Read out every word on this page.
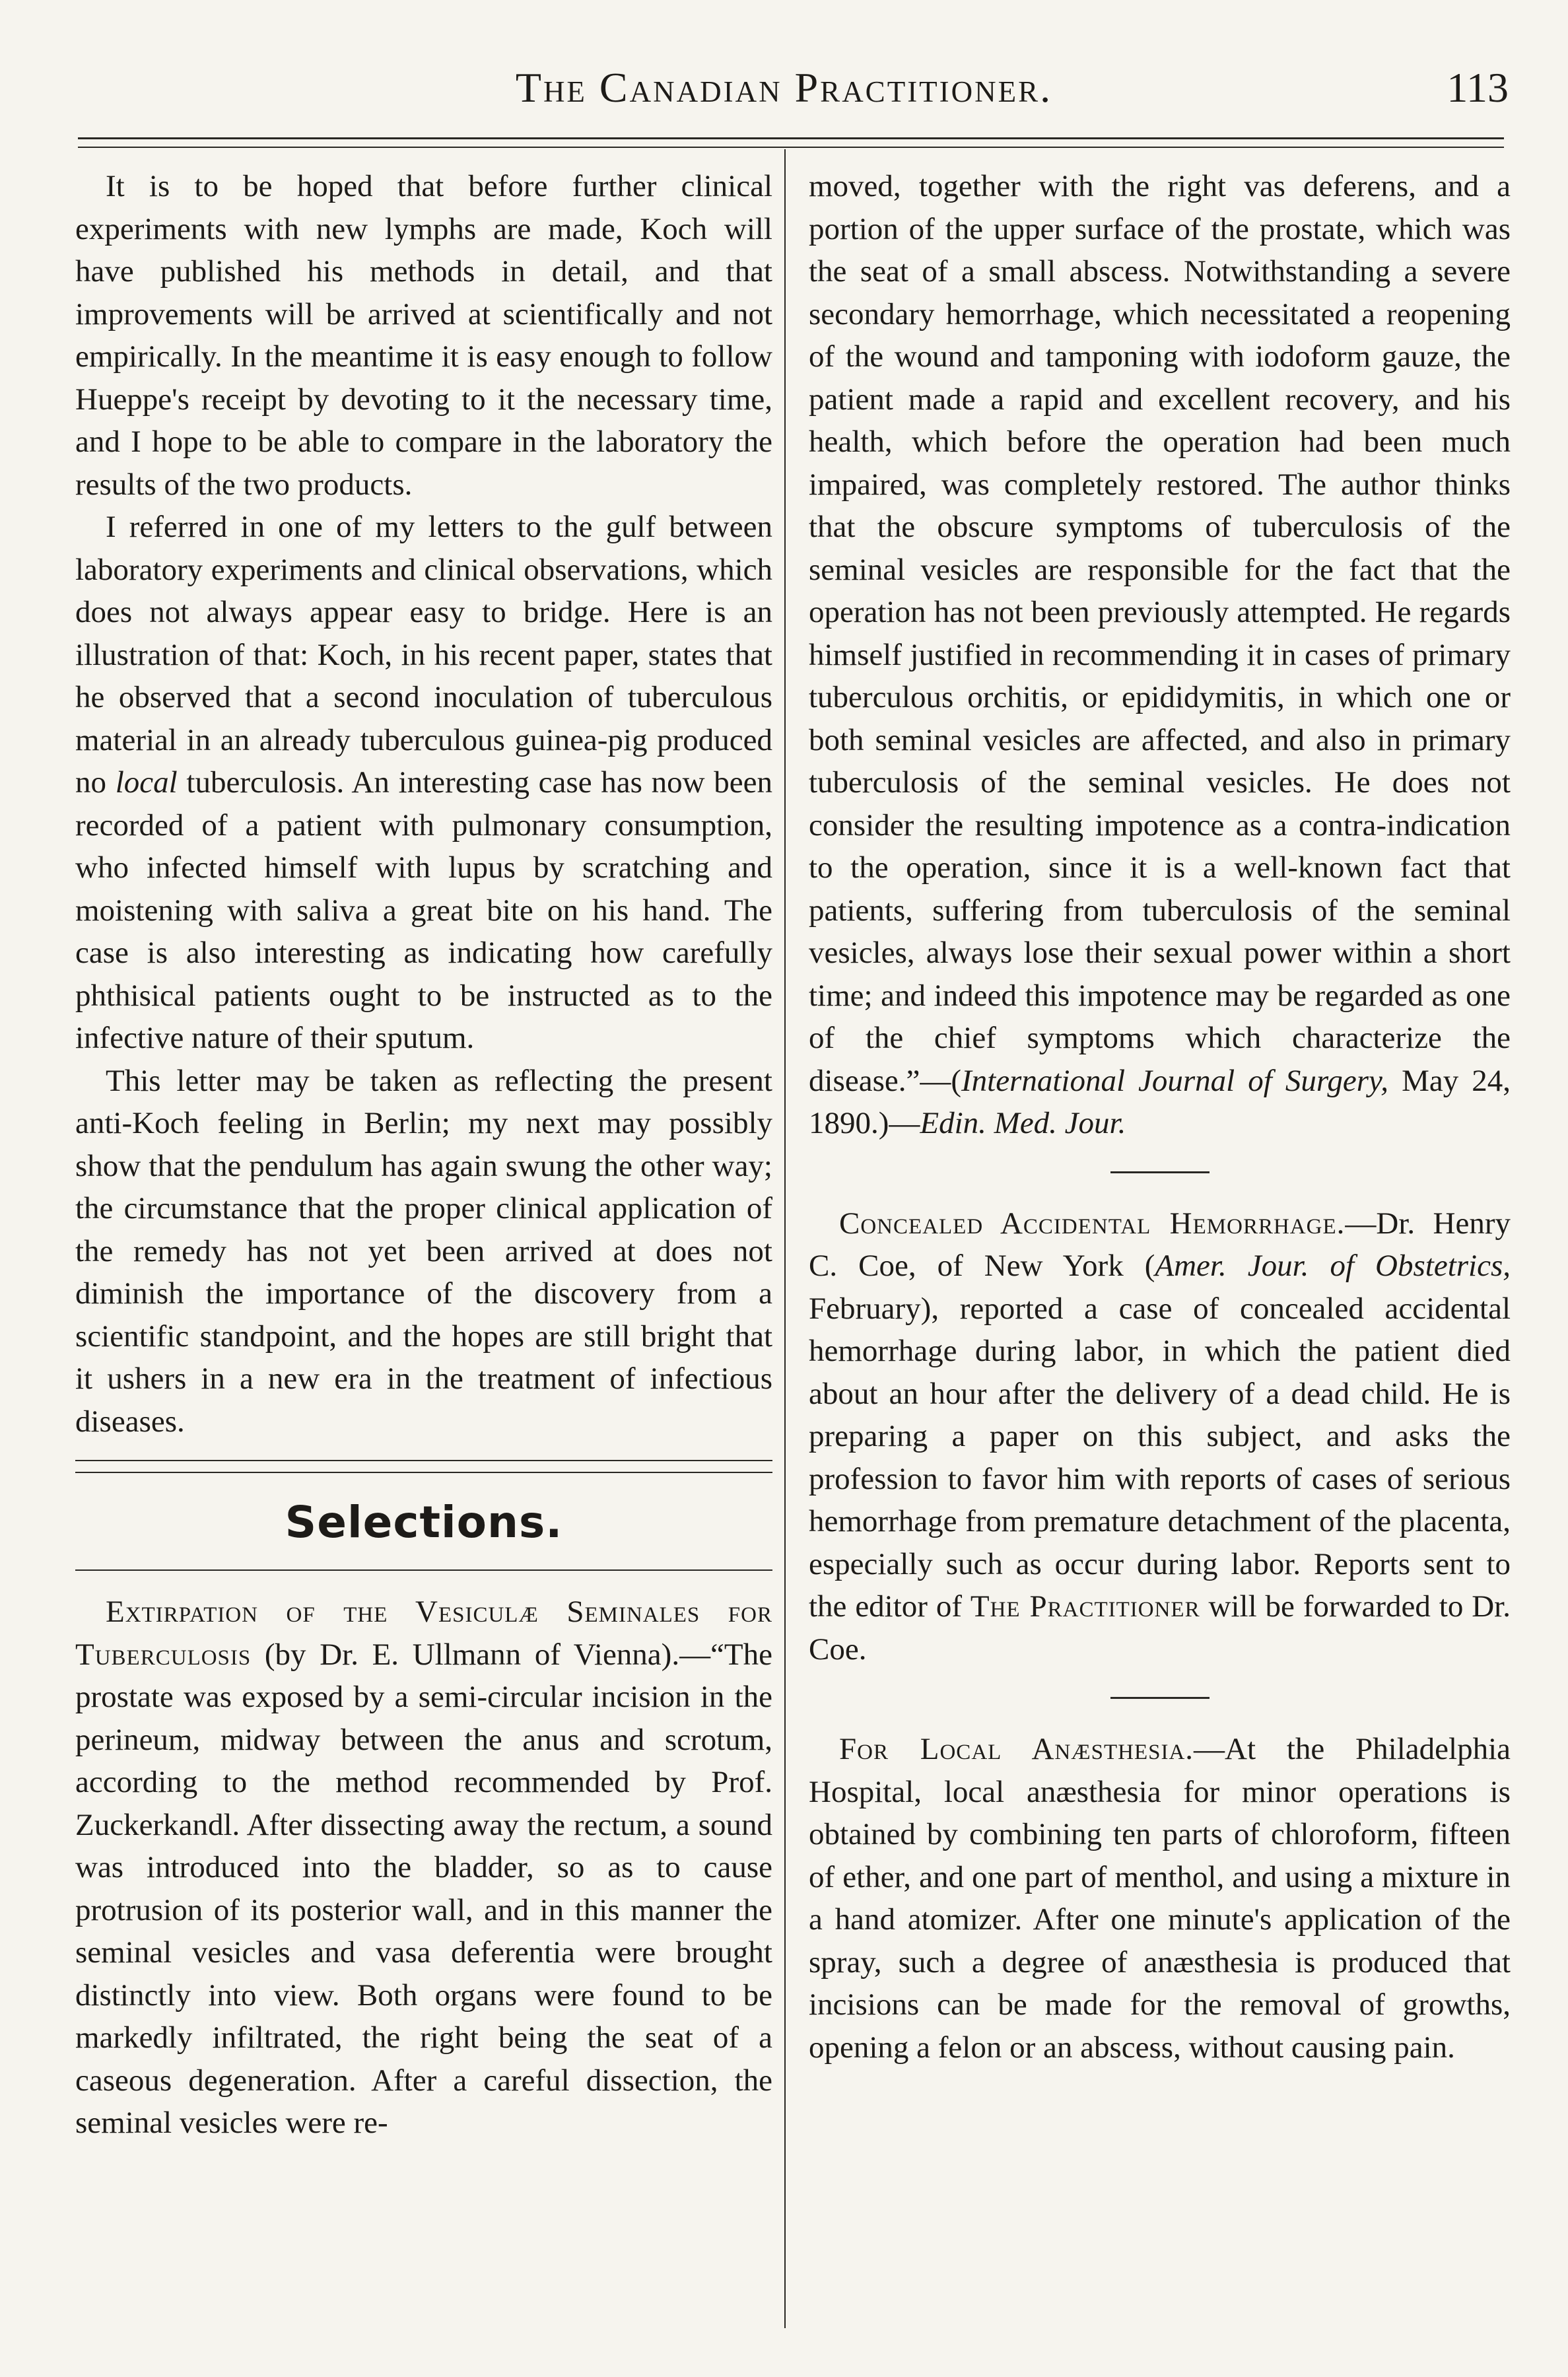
The Canadian Practitioner.	113

It is to be hoped that before further clinical experiments with new lymphs are made, Koch will have published his methods in detail, and that improvements will be arrived at scientifically and not empirically. In the meantime it is easy enough to follow Hueppe's receipt by devoting to it the necessary time, and I hope to be able to compare in the laboratory the results of the two products.

I referred in one of my letters to the gulf between laboratory experiments and clinical observations, which does not always appear easy to bridge. Here is an illustration of that: Koch, in his recent paper, states that he observed that a second inoculation of tuberculous material in an already tuberculous guinea-pig produced no local tuberculosis. An interesting case has now been recorded of a patient with pulmonary consumption, who infected himself with lupus by scratching and moistening with saliva a great bite on his hand. The case is also interesting as indicating how carefully phthisical patients ought to be instructed as to the infective nature of their sputum.

This letter may be taken as reflecting the present anti-Koch feeling in Berlin; my next may possibly show that the pendulum has again swung the other way; the circumstance that the proper clinical application of the remedy has not yet been arrived at does not diminish the importance of the discovery from a scientific standpoint, and the hopes are still bright that it ushers in a new era in the treatment of infectious diseases.

Selections.

Extirpation of the Vesiculæ Seminales for Tuberculosis (by Dr. E. Ullmann of Vienna).—“The prostate was exposed by a semi-circular incision in the perineum, midway between the anus and scrotum, according to the method recommended by Prof. Zuckerkandl. After dissecting away the rectum, a sound was introduced into the bladder, so as to cause protrusion of its posterior wall, and in this manner the seminal vesicles and vasa deferentia were brought distinctly into view. Both organs were found to be markedly infiltrated, the right being the seat of a caseous degeneration. After a careful dissection, the seminal vesicles were re-

moved, together with the right vas deferens, and a portion of the upper surface of the prostate, which was the seat of a small abscess. Notwithstanding a severe secondary hemorrhage, which necessitated a reopening of the wound and tamponing with iodoform gauze, the patient made a rapid and excellent recovery, and his health, which before the operation had been much impaired, was completely restored. The author thinks that the obscure symptoms of tuberculosis of the seminal vesicles are responsible for the fact that the operation has not been previously attempted. He regards himself justified in recommending it in cases of primary tuberculous orchitis, or epididymitis, in which one or both seminal vesicles are affected, and also in primary tuberculosis of the seminal vesicles. He does not consider the resulting impotence as a contra-indication to the operation, since it is a well-known fact that patients, suffering from tuberculosis of the seminal vesicles, always lose their sexual power within a short time; and indeed this impotence may be regarded as one of the chief symptoms which characterize the disease.”—(International Journal of Surgery, May 24, 1890.)—Edin. Med. Jour.

Concealed Accidental Hemorrhage.—Dr. Henry C. Coe, of New York (Amer. Jour. of Obstetrics, February), reported a case of concealed accidental hemorrhage during labor, in which the patient died about an hour after the delivery of a dead child. He is preparing a paper on this subject, and asks the profession to favor him with reports of cases of serious hemorrhage from premature detachment of the placenta, especially such as occur during labor. Reports sent to the editor of The Practitioner will be forwarded to Dr. Coe.

For Local Anæsthesia.—At the Philadelphia Hospital, local anæsthesia for minor operations is obtained by combining ten parts of chloroform, fifteen of ether, and one part of menthol, and using a mixture in a hand atomizer. After one minute's application of the spray, such a degree of anæsthesia is produced that incisions can be made for the removal of growths, opening a felon or an abscess, without causing pain.
